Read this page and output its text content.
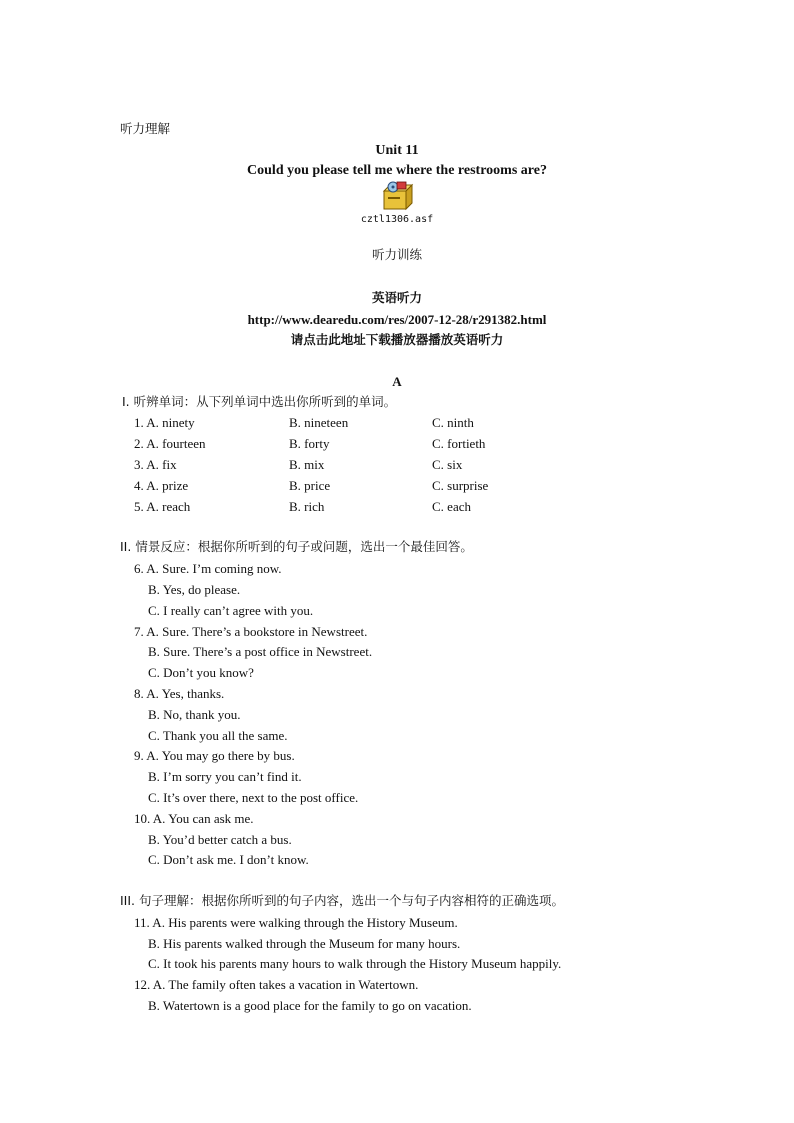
听力理解
Unit 11
Could you please tell me where the restrooms are?
cztl1306.asf
听力训练
英语听力
http://www.dearedu.com/res/2007-12-28/r291382.html
请点击此地址下载播放器播放英语听力
A
Ⅰ. 听辨单词：从下列单词中选出你所听到的单词。
1. A. ninety	B. nineteen	C. ninth
2. A. fourteen	B. forty	C. fortieth
3. A. fix	B. mix	C. six
4. A. prize	B. price	C. surprise
5. A. reach	B. rich	C. each
II. 情景反应：根据你所听到的句子或问题，选出一个最佳回答。
6. A. Sure. I’m coming now.
B. Yes, do please.
C. I really can’t agree with you.
7. A. Sure. There’s a bookstore in Newstreet.
B. Sure. There’s a post office in Newstreet.
C. Don’t you know?
8. A. Yes, thanks.
B. No, thank you.
C. Thank you all the same.
9. A. You may go there by bus.
B. I’m sorry you can’t find it.
C. It’s over there, next to the post office.
10. A. You can ask me.
B. You’d better catch a bus.
C. Don’t ask me. I don’t know.
III. 句子理解：根据你所听到的句子内容，选出一个与句子内容相符的正确选项。
11. A. His parents were walking through the History Museum.
B. His parents walked through the Museum for many hours.
C. It took his parents many hours to walk through the History Museum happily.
12. A. The family often takes a vacation in Watertown.
B. Watertown is a good place for the family to go on vacation.
